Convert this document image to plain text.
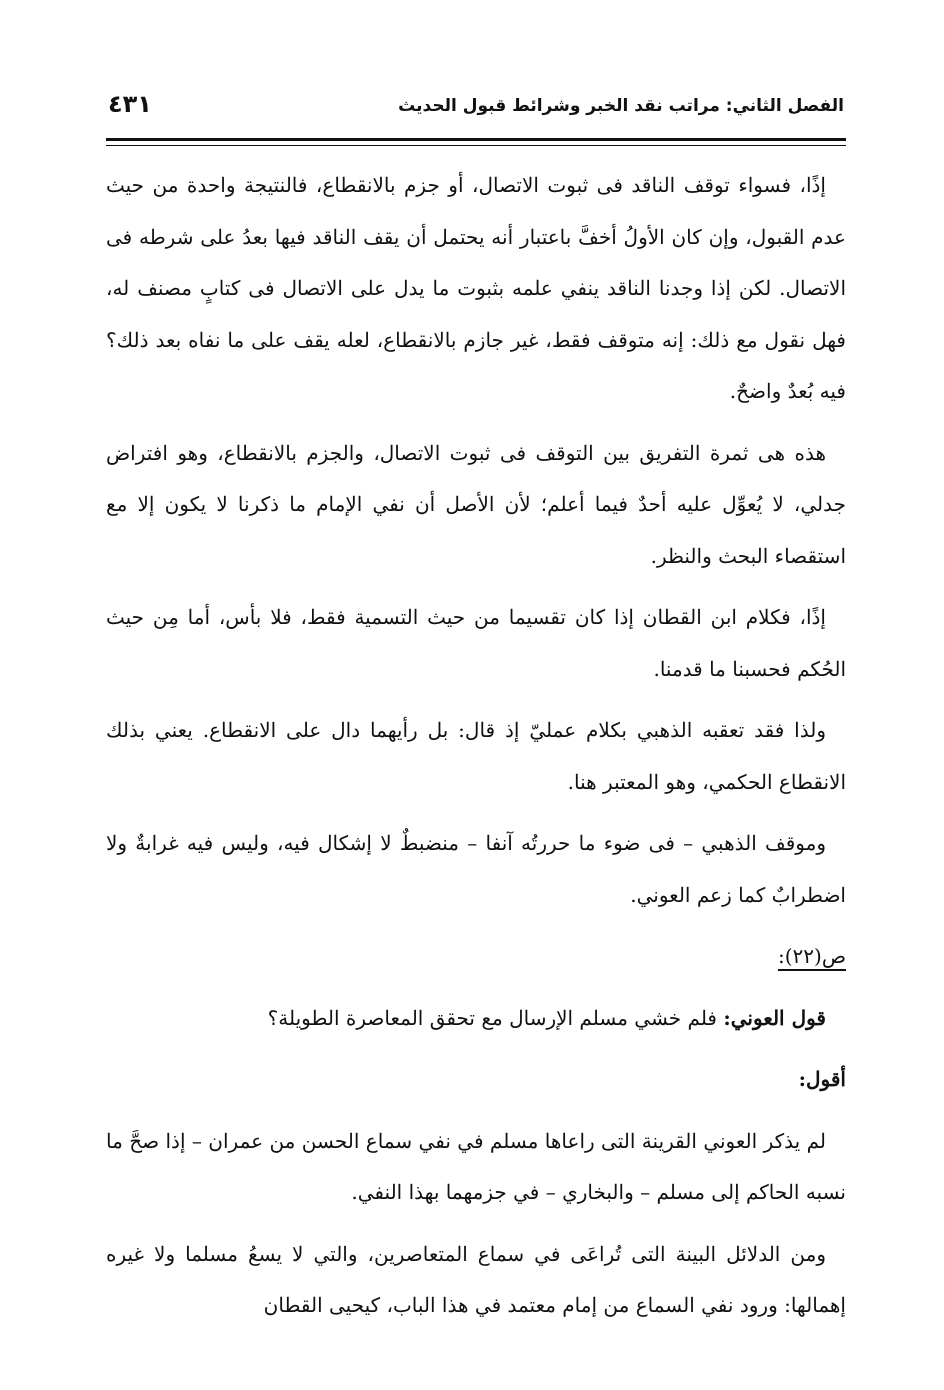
الفصل الثاني: مراتب نقد الخبر وشرائط قبول الحديث
٤٣١

إذًا، فسواء توقف الناقد فى ثبوت الاتصال، أو جزم بالانقطاع، فالنتيجة واحدة من حيث عدم القبول، وإن كان الأولُ أخفَّ باعتبار أنه يحتمل أن يقف الناقد فيها بعدُ على شرطه فى الاتصال. لكن إذا وجدنا الناقد ينفي علمه بثبوت ما يدل على الاتصال فى كتابٍ مصنف له، فهل نقول مع ذلك: إنه متوقف فقط، غير جازم بالانقطاع، لعله يقف على ما نفاه بعد ذلك؟ فيه بُعدٌ واضحٌ.

هذه هى ثمرة التفريق بين التوقف فى ثبوت الاتصال، والجزم بالانقطاع، وهو افتراض جدلي، لا يُعوِّل عليه أحدٌ فيما أعلم؛ لأن الأصل أن نفي الإمام ما ذكرنا لا يكون إلا مع استقصاء البحث والنظر.

إذًا، فكلام ابن القطان إذا كان تقسيما من حيث التسمية فقط، فلا بأس، أما مِن حيث الحُكم فحسبنا ما قدمنا.

ولذا فقد تعقبه الذهبي بكلام عمليّ إذ قال: بل رأيهما دال على الانقطاع. يعني بذلك الانقطاع الحكمي، وهو المعتبر هنا.

وموقف الذهبي – فى ضوء ما حررتُه آنفا – منضبطٌ لا إشكال فيه، وليس فيه غرابةٌ ولا اضطرابٌ كما زعم العوني.

ص(٢٢):

قول العوني: فلم خشي مسلم الإرسال مع تحقق المعاصرة الطويلة؟

أقول:

لم يذكر العوني القرينة التى راعاها مسلم في نفي سماع الحسن من عمران – إذا صحَّ ما نسبه الحاكم إلى مسلم – والبخاري – في جزمهما بهذا النفي.

ومن الدلائل البينة التى تُراعَى في سماع المتعاصرين، والتي لا يسعُ مسلما ولا غيره إهمالها: ورود نفي السماع من إمام معتمد في هذا الباب، كيحيى القطان
